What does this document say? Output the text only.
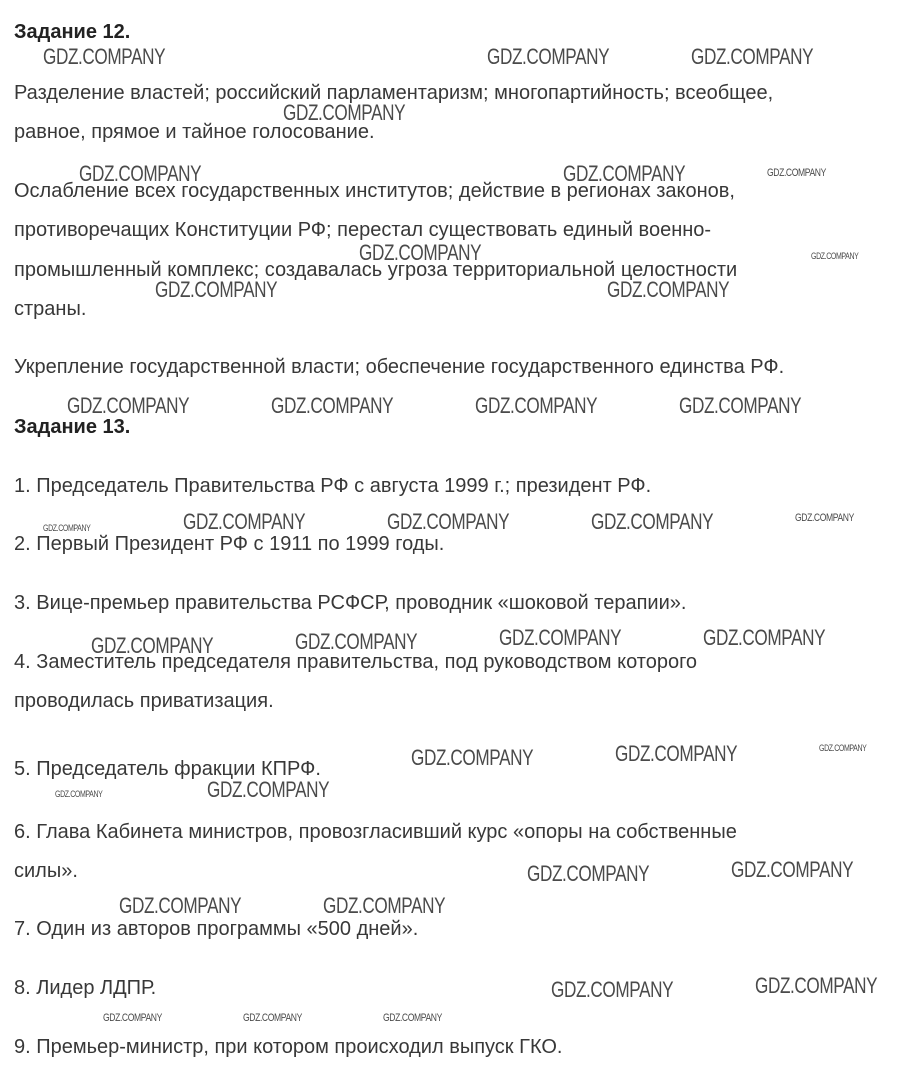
Задание 12.
Разделение властей; российский парламентаризм; многопартийность; всеобщее,
равное, прямое и тайное голосование.
Ослабление всех государственных институтов; действие в регионах законов,
противоречащих Конституции РФ; перестал существовать единый военно-
промышленный комплекс; создавалась угроза территориальной целостности
страны.
Укрепление государственной власти; обеспечение государственного единства РФ.
Задание 13.
1. Председатель Правительства РФ с августа 1999 г.; президент РФ.
2. Первый Президент РФ с 1911 по 1999 годы.
3. Вице-премьер правительства РСФСР, проводник «шоковой терапии».
4. Заместитель председателя правительства, под руководством которого
проводилась приватизация.
5. Председатель фракции КПРФ.
6. Глава Кабинета министров, провозгласивший курс «опоры на собственные
силы».
7. Один из авторов программы «500 дней».
8. Лидер ЛДПР.
9. Премьер-министр, при котором происходил выпуск ГКО.
GDZ.COMPANY	GDZ.COMPANY	GDZ.COMPANY
GDZ.COMPANY
GDZ.COMPANY	GDZ.COMPANY	GDZ.COMPANY
GDZ.COMPANY	GDZ.COMPANY
GDZ.COMPANY	GDZ.COMPANY
GDZ.COMPANY	GDZ.COMPANY	GDZ.COMPANY	GDZ.COMPANY
GDZ.COMPANY	GDZ.COMPANY	GDZ.COMPANY
GDZ.COMPANY
GDZ.COMPANY
GDZ.COMPANY	GDZ.COMPANY	GDZ.COMPANY	GDZ.COMPANY
GDZ.COMPANY	GDZ.COMPANY	GDZ.COMPANY
GDZ.COMPANY	GDZ.COMPANY
GDZ.COMPANY	GDZ.COMPANY
GDZ.COMPANY	GDZ.COMPANY
GDZ.COMPANY	GDZ.COMPANY
GDZ.COMPANY	GDZ.COMPANY	GDZ.COMPANY
